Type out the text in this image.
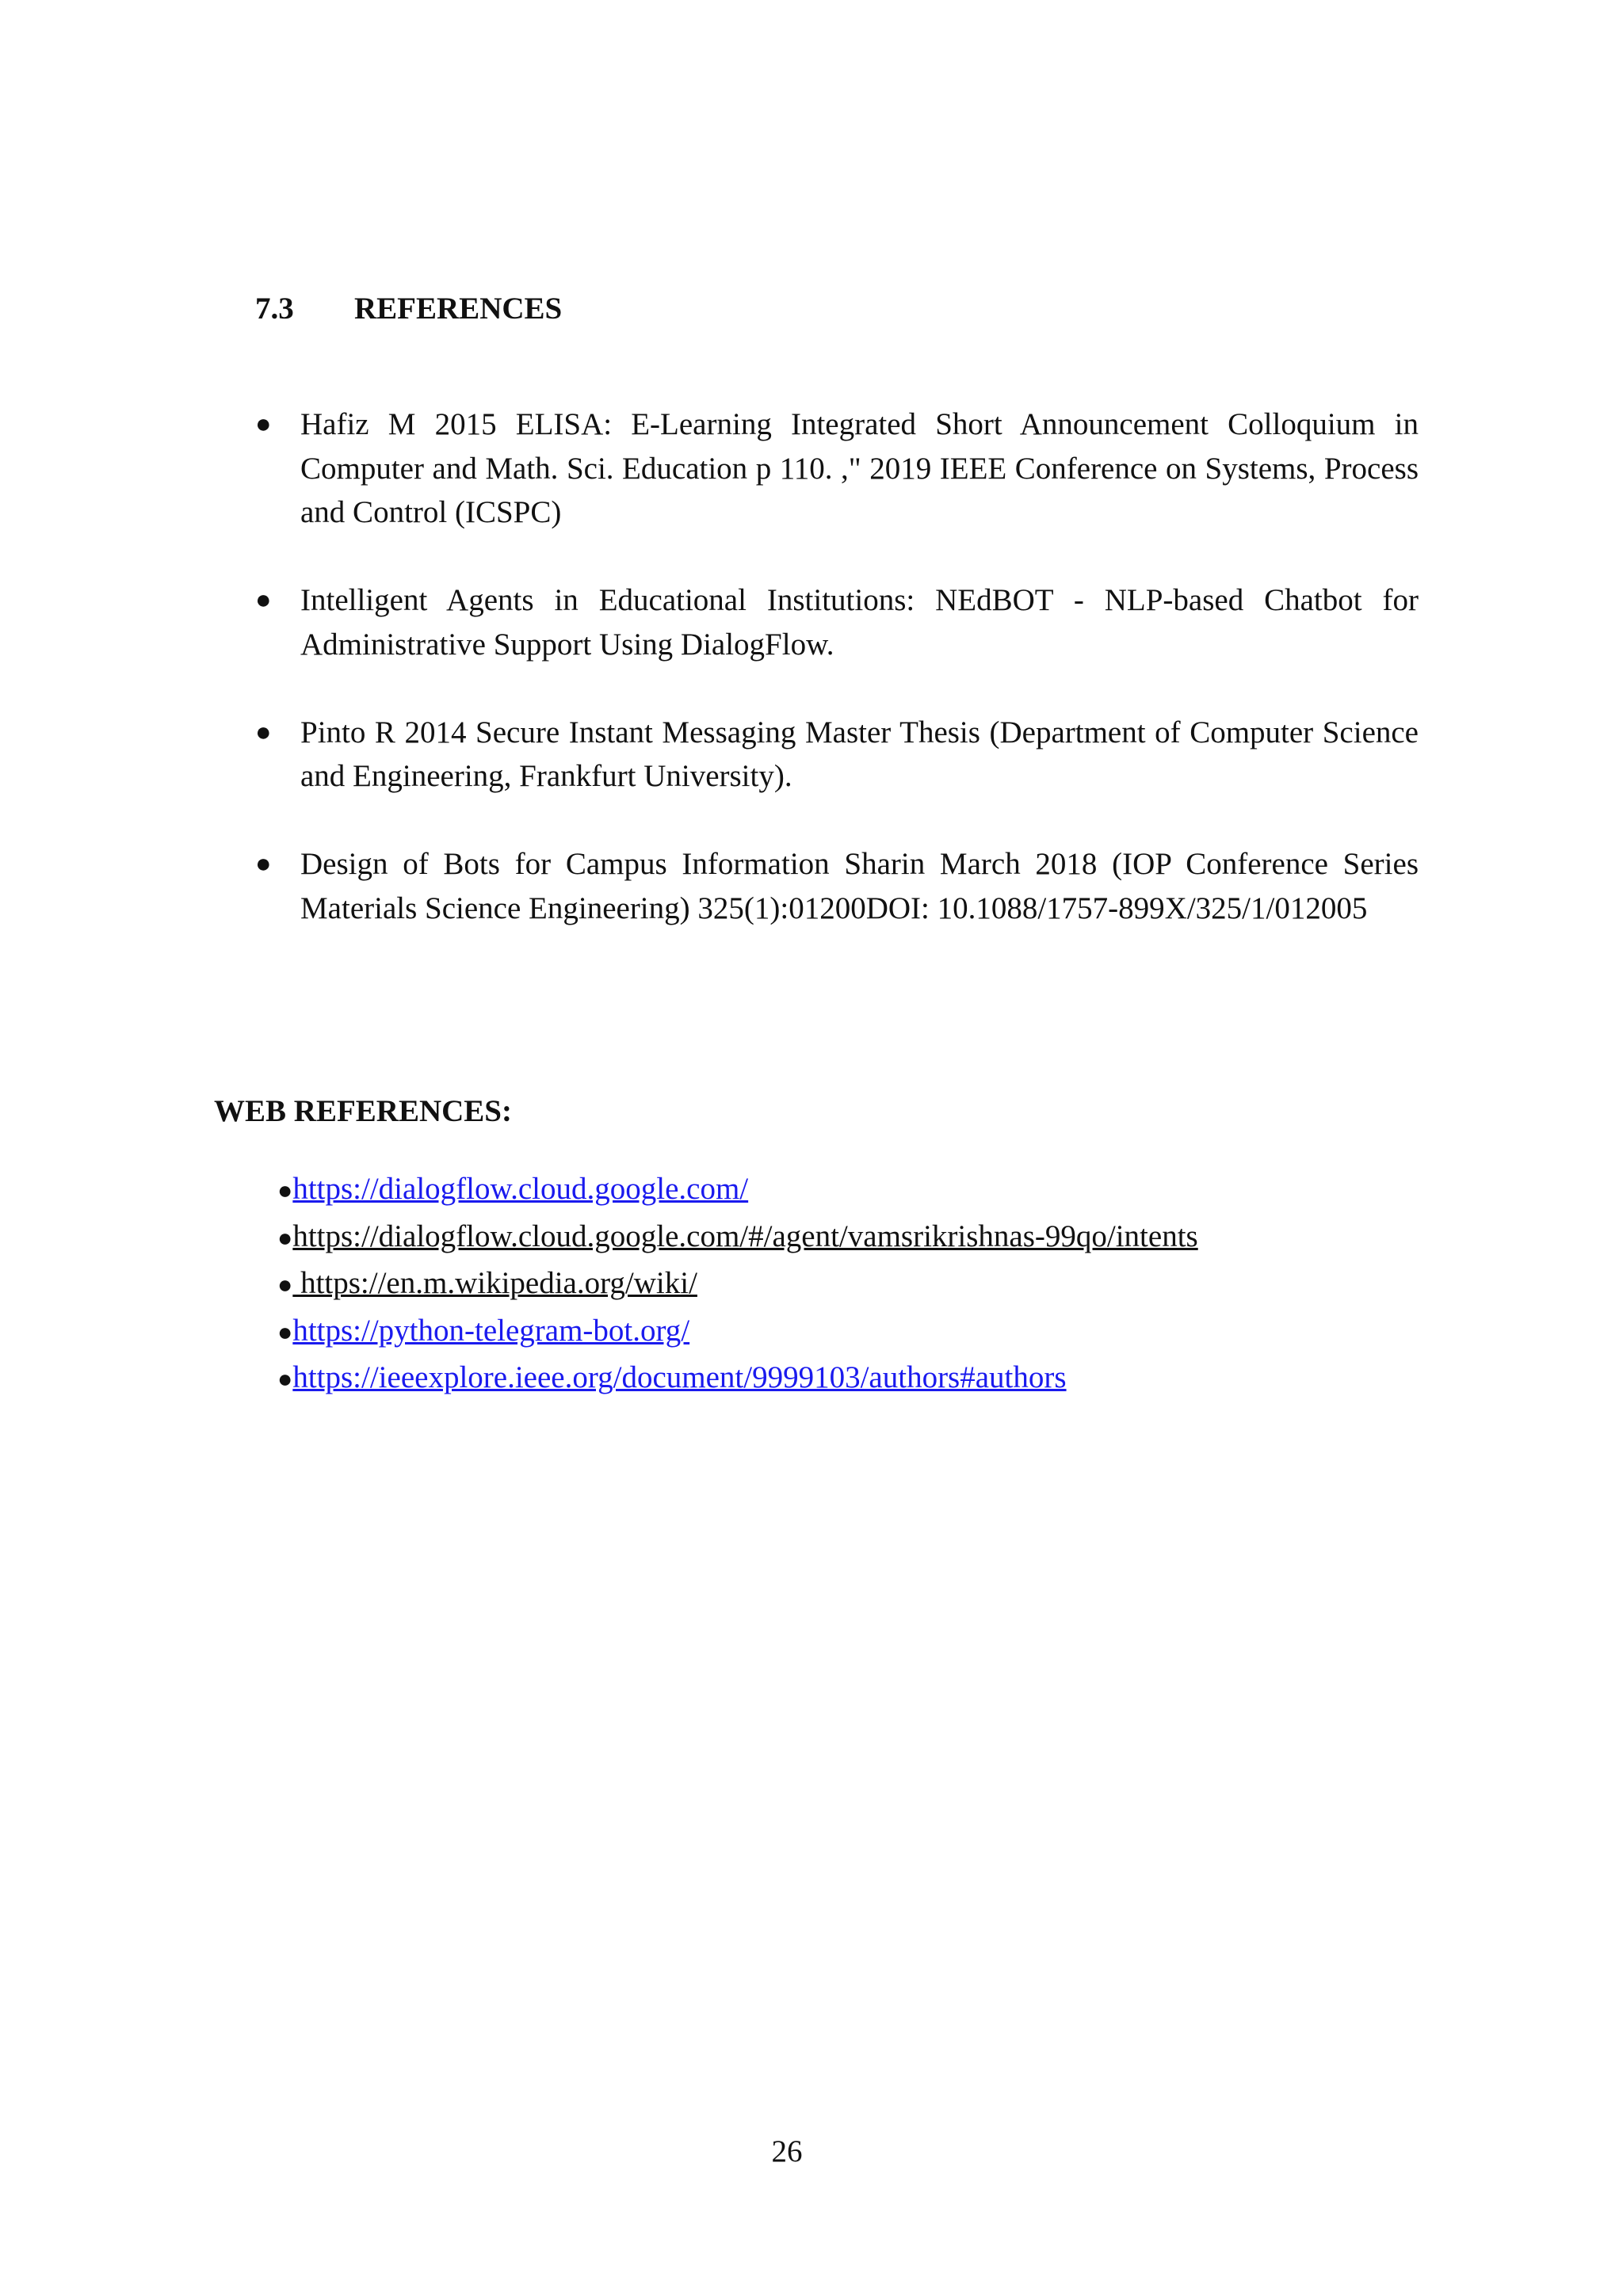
7.3 REFERENCES
● Hafiz M 2015 ELISA: E-Learning Integrated Short Announcement Colloquium in Computer and Math. Sci. Education p 110. ," 2019 IEEE Conference on Systems, Process and Control (ICSPC)
● Intelligent Agents in Educational Institutions: NEdBOT - NLP-based Chatbot for Administrative Support Using DialogFlow.
● Pinto R 2014 Secure Instant Messaging Master Thesis (Department of Computer Science and Engineering, Frankfurt University).
● Design of Bots for Campus Information Sharin March 2018 (IOP Conference Series Materials Science Engineering) 325(1):01200DOI: 10.1088/1757-899X/325/1/012005
WEB REFERENCES:
●https://dialogflow.cloud.google.com/
●https://dialogflow.cloud.google.com/#/agent/vamsrikrishnas-99qo/intents
● https://en.m.wikipedia.org/wiki/
●https://python-telegram-bot.org/
●https://ieeexplore.ieee.org/document/9999103/authors#authors
26
